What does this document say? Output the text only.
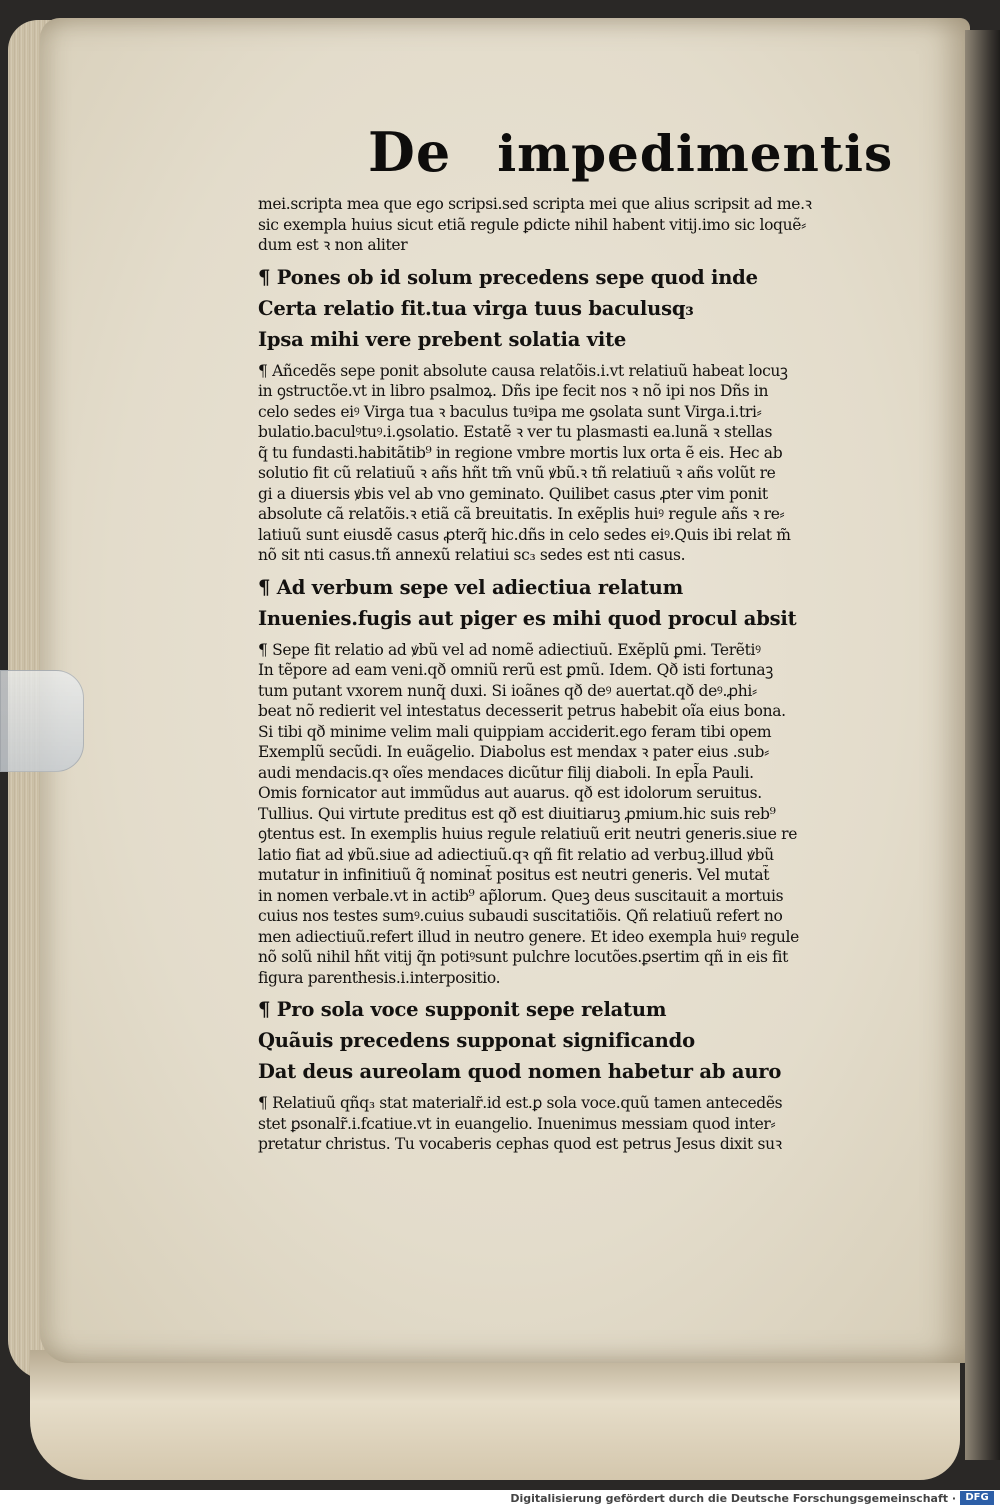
De impedimentis
mei.scripta mea que ego scripsi.sed scripta mei que alius scripsit ad me.ꝛ
sic exempla huius sicut etiã regule ꝑdicte nihil habent vitij.imo sic loquẽ⸗
dum est ꝛ non aliter
¶ Pones ob id solum precedens sepe quod inde
Certa relatio fit.tua virga tuus baculusq₃
Ipsa mihi vere prebent solatia vite
¶ Añcedẽs sepe ponit absolute causa relatõis.i.vt relatiuũ habeat locuꝫ
in ꝯstructõe.vt in libro psalmoꝝ. Dñs ipe fecit nos ꝛ nõ ipi nos Dñs in
celo sedes eiꝰ Virga tua ꝛ baculus tuꝰipa me ꝯsolata sunt Virga.i.tri⸗
bulatio.baculꝰtuꝰ.i.ꝯsolatio. Estatẽ ꝛ ver tu plasmasti ea.lunã ꝛ stellas
q̃ tu fundasti.habitãtib⁹ in regione vmbre mortis lux orta ẽ eis. Hec ab
solutio fit cũ relatiuũ ꝛ añs hñt tm̃ vnũ ꝟbũ.ꝛ tñ relatiuũ ꝛ añs volũt re
gi a diuersis ꝟbis vel ab vno geminato. Quilibet casus ꝓter vim ponit
absolute cã relatõis.ꝛ etiã cã breuitatis. In exẽplis huiꝰ regule añs ꝛ re⸗
latiuũ sunt eiusdẽ casus ꝓterq̃ hic.dñs in celo sedes eiꝰ.Quis ibi relat m̃
nõ sit nti casus.tñ annexũ relatiui sc₃ sedes est nti casus.
¶ Ad verbum sepe vel adiectiua relatum
Inuenies.fugis aut piger es mihi quod procul absit
¶ Sepe fit relatio ad ꝟbũ vel ad nomẽ adiectiuũ. Exẽplũ ꝑmi. Terẽtiꝰ
In tẽpore ad eam veni.qð omniũ rerũ est ꝑmũ. Idem. Qð isti fortunaꝫ
tum putant vxorem nunq̃ duxi. Si ioãnes qð deꝰ auertat.qð deꝰ.ꝓhi⸗
beat nõ redierit vel intestatus decesserit petrus habebit oĩa eius bona.
Si tibi qð minime velim mali quippiam acciderit.ego feram tibi opem
Exemplũ secũdi. In euãgelio. Diabolus est mendax ꝛ pater eius .sub⸗
audi mendacis.qꝛ oĩes mendaces dicũtur filij diaboli. In epl̃a Pauli.
Omis fornicator aut immũdus aut auarus. qð est idolorum seruitus.
Tullius. Qui virtute preditus est qð est diuitiaruꝫ ꝓmium.hic suis reb⁹
ꝯtentus est. In exemplis huius regule relatiuũ erit neutri generis.siue re
latio fiat ad ꝟbũ.siue ad adiectiuũ.qꝛ qñ fit relatio ad verbuꝫ.illud ꝟbũ
mutatur in infinitiuũ q̃ nominat̃ positus est neutri generis. Vel mutat̃
in nomen verbale.vt in actib⁹ ap̃lorum. Queꝫ deus suscitauit a mortuis
cuius nos testes sumꝰ.cuius subaudi suscitatiõis. Qñ relatiuũ refert no
men adiectiuũ.refert illud in neutro genere. Et ideo exempla huiꝰ regule
nõ solũ nihil hñt vitij q̃n potiꝰsunt pulchre locutões.ꝑsertim qñ in eis fit
figura parenthesis.i.interpositio.
¶ Pro sola voce supponit sepe relatum
Quãuis precedens supponat significando
Dat deus aureolam quod nomen habetur ab auro
¶ Relatiuũ qñq₃ stat materialr̃.id est.ꝑ sola voce.quũ tamen antecedẽs
stet ꝑsonalr̃.i.fcatiue.vt in euangelio. Inuenimus messiam quod inter⸗
pretatur christus. Tu vocaberis cephas quod est petrus Jesus dixit suꝛ
Digitalisierung gefördert durch die Deutsche Forschungsgemeinschaft · DFG
